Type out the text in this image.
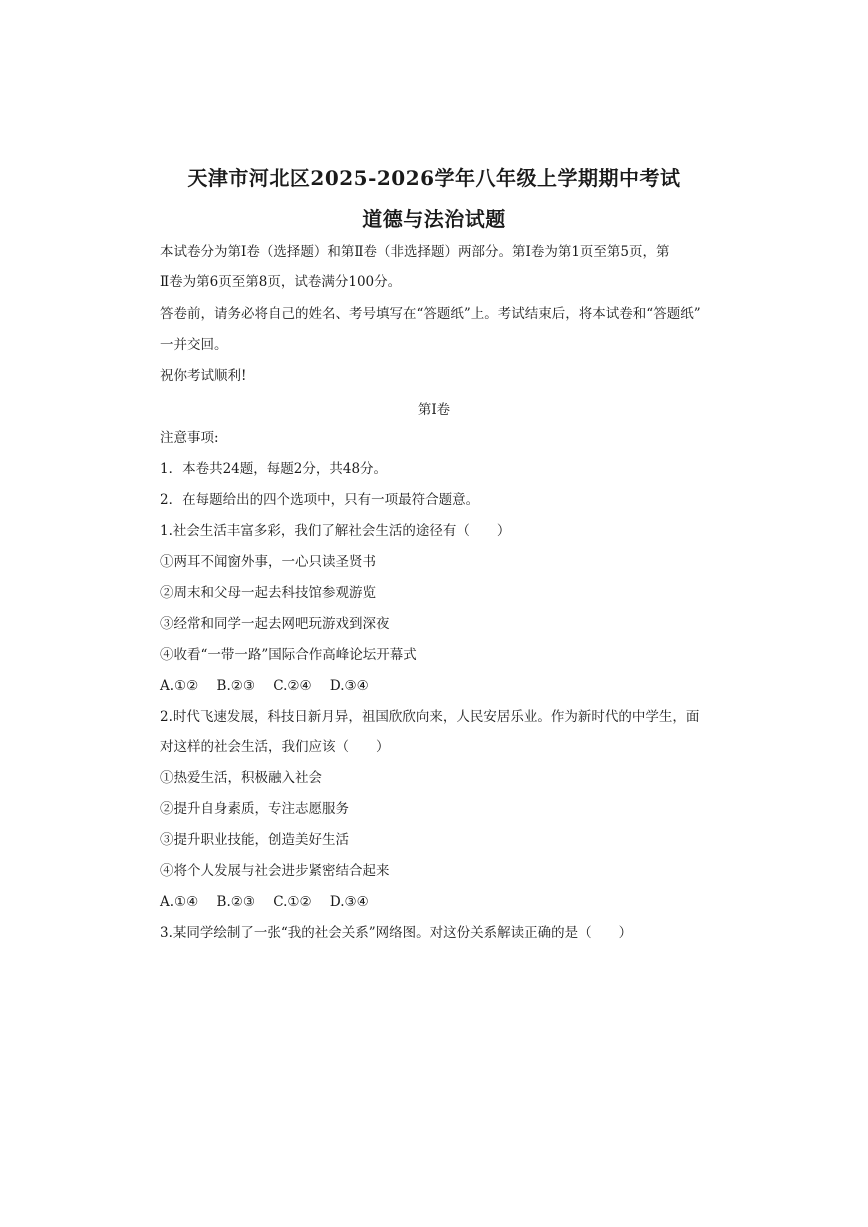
天津市河北区2025-2026学年八年级上学期期中考试
道德与法治试题
本试卷分为第Ⅰ卷（选择题）和第Ⅱ卷（非选择题）两部分。第Ⅰ卷为第1页至第5页，第
Ⅱ卷为第6页至第8页，试卷满分100分。
答卷前，请务必将自己的姓名、考号填写在“答题纸”上。考试结束后，将本试卷和“答题纸”
一并交回。
祝你考试顺利!
第Ⅰ卷
注意事项:
1．本卷共24题，每题2分，共48分。
2．在每题给出的四个选项中，只有一项最符合题意。
1.社会生活丰富多彩，我们了解社会生活的途径有（　　）
①两耳不闻窗外事，一心只读圣贤书
②周末和父母一起去科技馆参观游览
③经常和同学一起去网吧玩游戏到深夜
④收看“一带一路”国际合作高峰论坛开幕式
A.①② B.②③ C.②④ D.③④
2.时代飞速发展，科技日新月异，祖国欣欣向来，人民安居乐业。作为新时代的中学生，面
对这样的社会生活，我们应该（　　）
①热爱生活，积极融入社会
②提升自身素质，专注志愿服务
③提升职业技能，创造美好生活
④将个人发展与社会进步紧密结合起来
A.①④ B.②③ C.①② D.③④
3.某同学绘制了一张“我的社会关系”网络图。对这份关系解读正确的是（　　）
